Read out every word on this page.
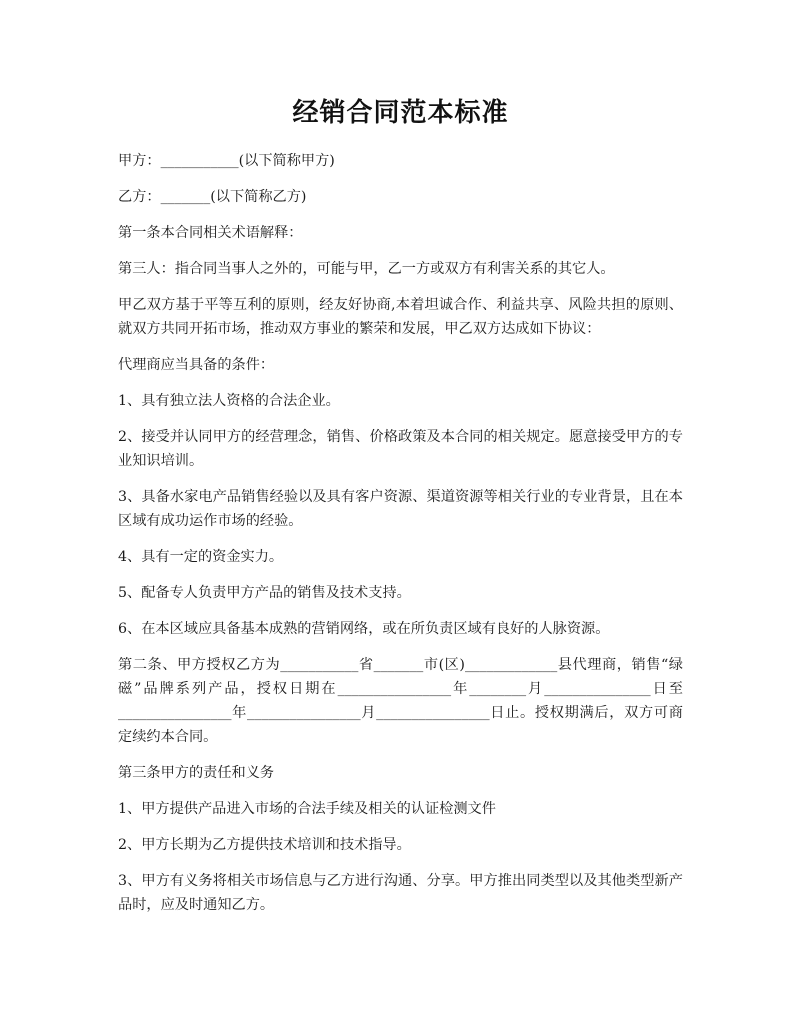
经销合同范本标准

甲方：___________(以下简称甲方)

乙方：_______(以下简称乙方)

第一条本合同相关术语解释：

第三人：指合同当事人之外的，可能与甲，乙一方或双方有利害关系的其它人。

甲乙双方基于平等互利的原则，经友好协商,本着坦诚合作、利益共享、风险共担的原则、就双方共同开拓市场，推动双方事业的繁荣和发展，甲乙双方达成如下协议：

代理商应当具备的条件：

1、具有独立法人资格的合法企业。

2、接受并认同甲方的经营理念，销售、价格政策及本合同的相关规定。愿意接受甲方的专业知识培训。

3、具备水家电产品销售经验以及具有客户资源、渠道资源等相关行业的专业背景，且在本区域有成功运作市场的经验。

4、具有一定的资金实力。

5、配备专人负责甲方产品的销售及技术支持。

6、在本区域应具备基本成熟的营销网络，或在所负责区域有良好的人脉资源。

第二条、甲方授权乙方为___________省_______市(区)_____________县代理商，销售“绿磁”品牌系列产品，授权日期在________________年________月_______________日至________________年________________月________________日止。授权期满后，双方可商定续约本合同。

第三条甲方的责任和义务

1、甲方提供产品进入市场的合法手续及相关的认证检测文件

2、甲方长期为乙方提供技术培训和技术指导。

3、甲方有义务将相关市场信息与乙方进行沟通、分享。甲方推出同类型以及其他类型新产品时，应及时通知乙方。
